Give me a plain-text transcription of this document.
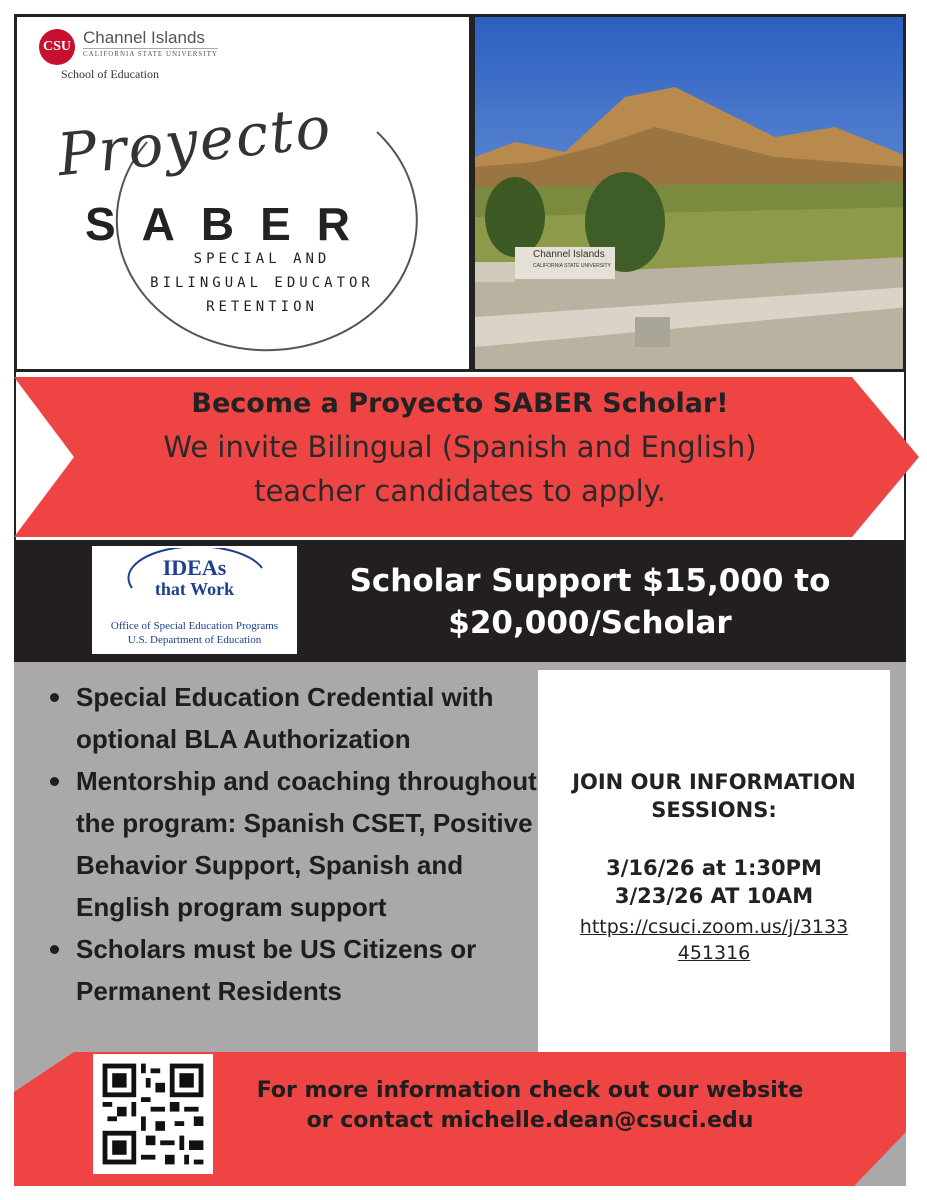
CSU Channel Islands
CALIFORNIA STATE UNIVERSITY
School of Education
Proyecto
SABER
SPECIAL AND
BILINGUAL EDUCATOR
RETENTION
Channel Islands
CALIFORNIA STATE UNIVERSITY
Become a Proyecto SABER Scholar!
We invite Bilingual (Spanish and English)
teacher candidates to apply.
IDEAs
that Work
Office of Special Education Programs
U.S. Department of Education
Scholar Support $15,000 to
$20,000/Scholar
Special Education Credential with optional BLA Authorization
Mentorship and coaching throughout the program: Spanish CSET, Positive Behavior Support, Spanish and English program support
Scholars must be US Citizens or Permanent Residents
JOIN OUR INFORMATION
SESSIONS:
3/16/26 at 1:30PM
3/23/26 AT 10AM
https://csuci.zoom.us/j/3133
451316
For more information check out our website
or contact michelle.dean@csuci.edu
